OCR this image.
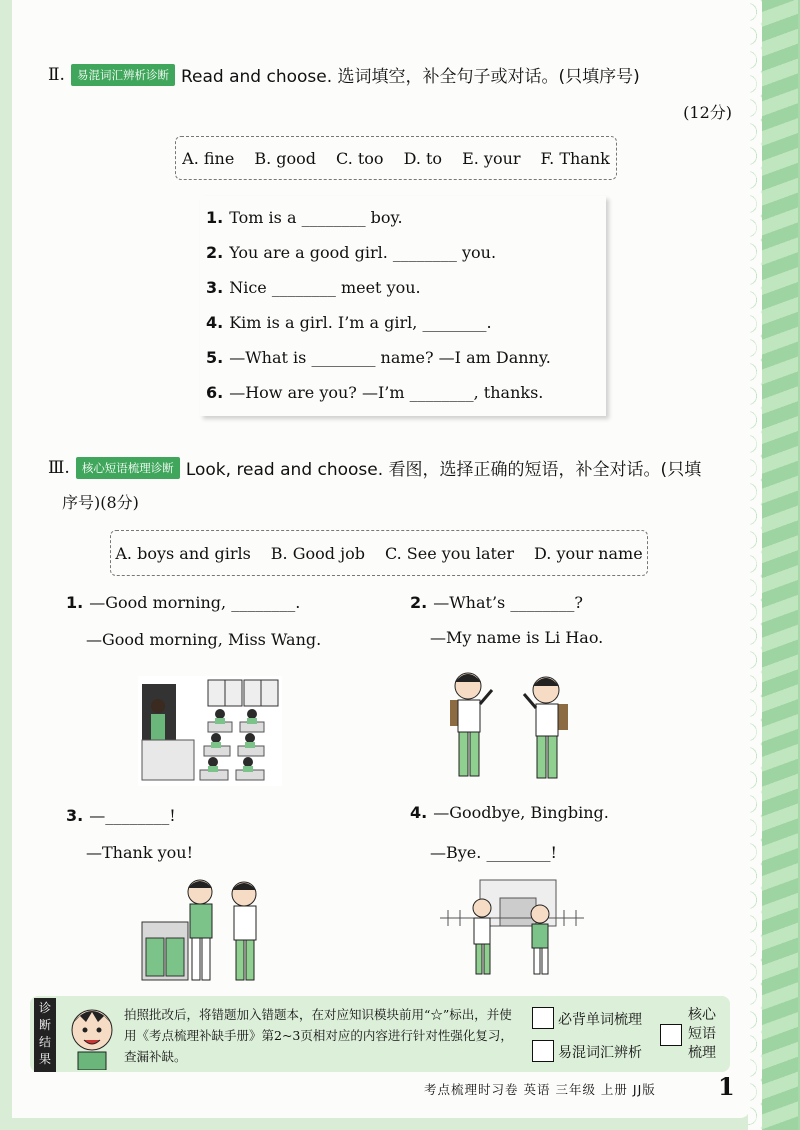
Ⅱ.	易混词汇辨析诊断 Read and choose. 选词填空，补全句子或对话。(只填序号)
(12分)
A. fine B. good C. too D. to E. your F. Thank
1. Tom is a ________ boy.
2. You are a good girl. ________ you.
3. Nice ________ meet you.
4. Kim is a girl. I’m a girl, ________.
5. —What is ________ name? —I am Danny.
6. —How are you? —I’m ________, thanks.
Ⅲ.	核心短语梳理诊断 Look, read and choose. 看图，选择正确的短语，补全对话。(只填
序号)(8分)
A. boys and girls B. Good job C. See you later D. your name
1. —Good morning, ________.
—Good morning, Miss Wang.
2. —What’s ________?
—My name is Li Hao.
3. —________!
—Thank you!
4. —Goodbye, Bingbing.
—Bye. ________!
诊断结果
拍照批改后，将错题加入错题本，在对应知识模块前用“☆”标出，并使用《考点梳理补缺手册》第2~3页相对应的内容进行针对性强化复习，查漏补缺。
必背单词梳理
易混词汇辨析
核心短语梳理
考点梳理时习卷 英语 三年级 上册 JJ版	1
